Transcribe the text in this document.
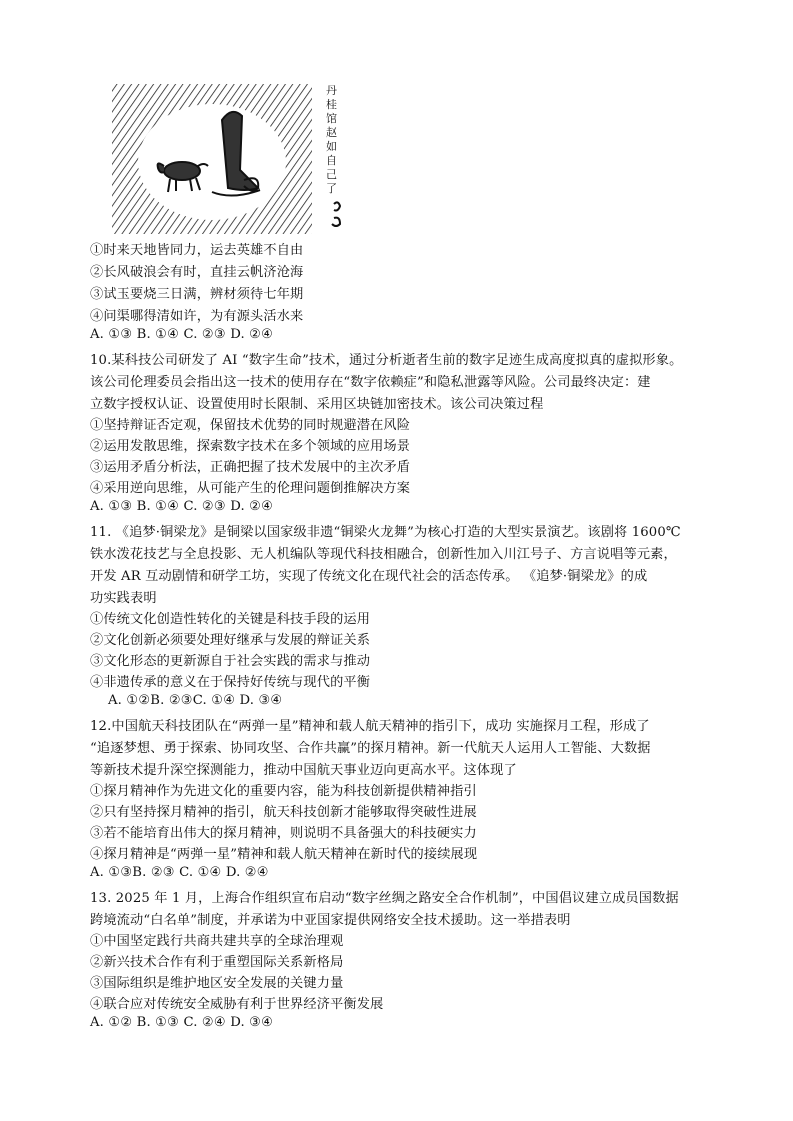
丹
桂
馆
赵
如
自
己
了
①时来天地皆同力，运去英雄不自由
②长风破浪会有时，直挂云帆济沧海
③试玉要烧三日满，辨材须待七年期
④问渠哪得清如许，为有源头活水来
A. ①③ B. ①④ C. ②③ D. ②④
10.某科技公司研发了 AI “数字生命”技术，通过分析逝者生前的数字足迹生成高度拟真的虚拟形象。
该公司伦理委员会指出这一技术的使用存在“数字依赖症”和隐私泄露等风险。公司最终决定：建
立数字授权认证、设置使用时长限制、采用区块链加密技术。该公司决策过程
①坚持辩证否定观，保留技术优势的同时规避潜在风险
②运用发散思维，探索数字技术在多个领域的应用场景
③运用矛盾分析法，正确把握了技术发展中的主次矛盾
④采用逆向思维，从可能产生的伦理问题倒推解决方案
A. ①③ B. ①④ C. ②③ D. ②④
11. 《追梦·铜梁龙》是铜梁以国家级非遗“铜梁火龙舞”为核心打造的大型实景演艺。该剧将 1600℃
铁水泼花技艺与全息投影、无人机编队等现代科技相融合，创新性加入川江号子、方言说唱等元素，
开发 AR 互动剧情和研学工坊，实现了传统文化在现代社会的活态传承。 《追梦·铜梁龙》的成
功实践表明
①传统文化创造性转化的关键是科技手段的运用
②文化创新必须要处理好继承与发展的辩证关系
③文化形态的更新源自于社会实践的需求与推动
④非遗传承的意义在于保持好传统与现代的平衡
A. ①②B. ②③C. ①④ D. ③④
12.中国航天科技团队在“两弹一星”精神和载人航天精神的指引下，成功 实施探月工程，形成了
“追逐梦想、勇于探索、协同攻坚、合作共赢”的探月精神。新一代航天人运用人工智能、大数据
等新技术提升深空探测能力，推动中国航天事业迈向更高水平。这体现了
①探月精神作为先进文化的重要内容，能为科技创新提供精神指引
②只有坚持探月精神的指引，航天科技创新才能够取得突破性进展
③若不能培育出伟大的探月精神，则说明不具备强大的科技硬实力
④探月精神是“两弹一星”精神和载人航天精神在新时代的接续展现
A. ①③B. ②③ C. ①④ D. ②④
13. 2025 年 1 月，上海合作组织宣布启动“数字丝绸之路安全合作机制”，中国倡议建立成员国数据
跨境流动“白名单”制度，并承诺为中亚国家提供网络安全技术援助。这一举措表明
①中国坚定践行共商共建共享的全球治理观
②新兴技术合作有利于重塑国际关系新格局
③国际组织是维护地区安全发展的关键力量
④联合应对传统安全威胁有利于世界经济平衡发展
A. ①② B. ①③ C. ②④ D. ③④
